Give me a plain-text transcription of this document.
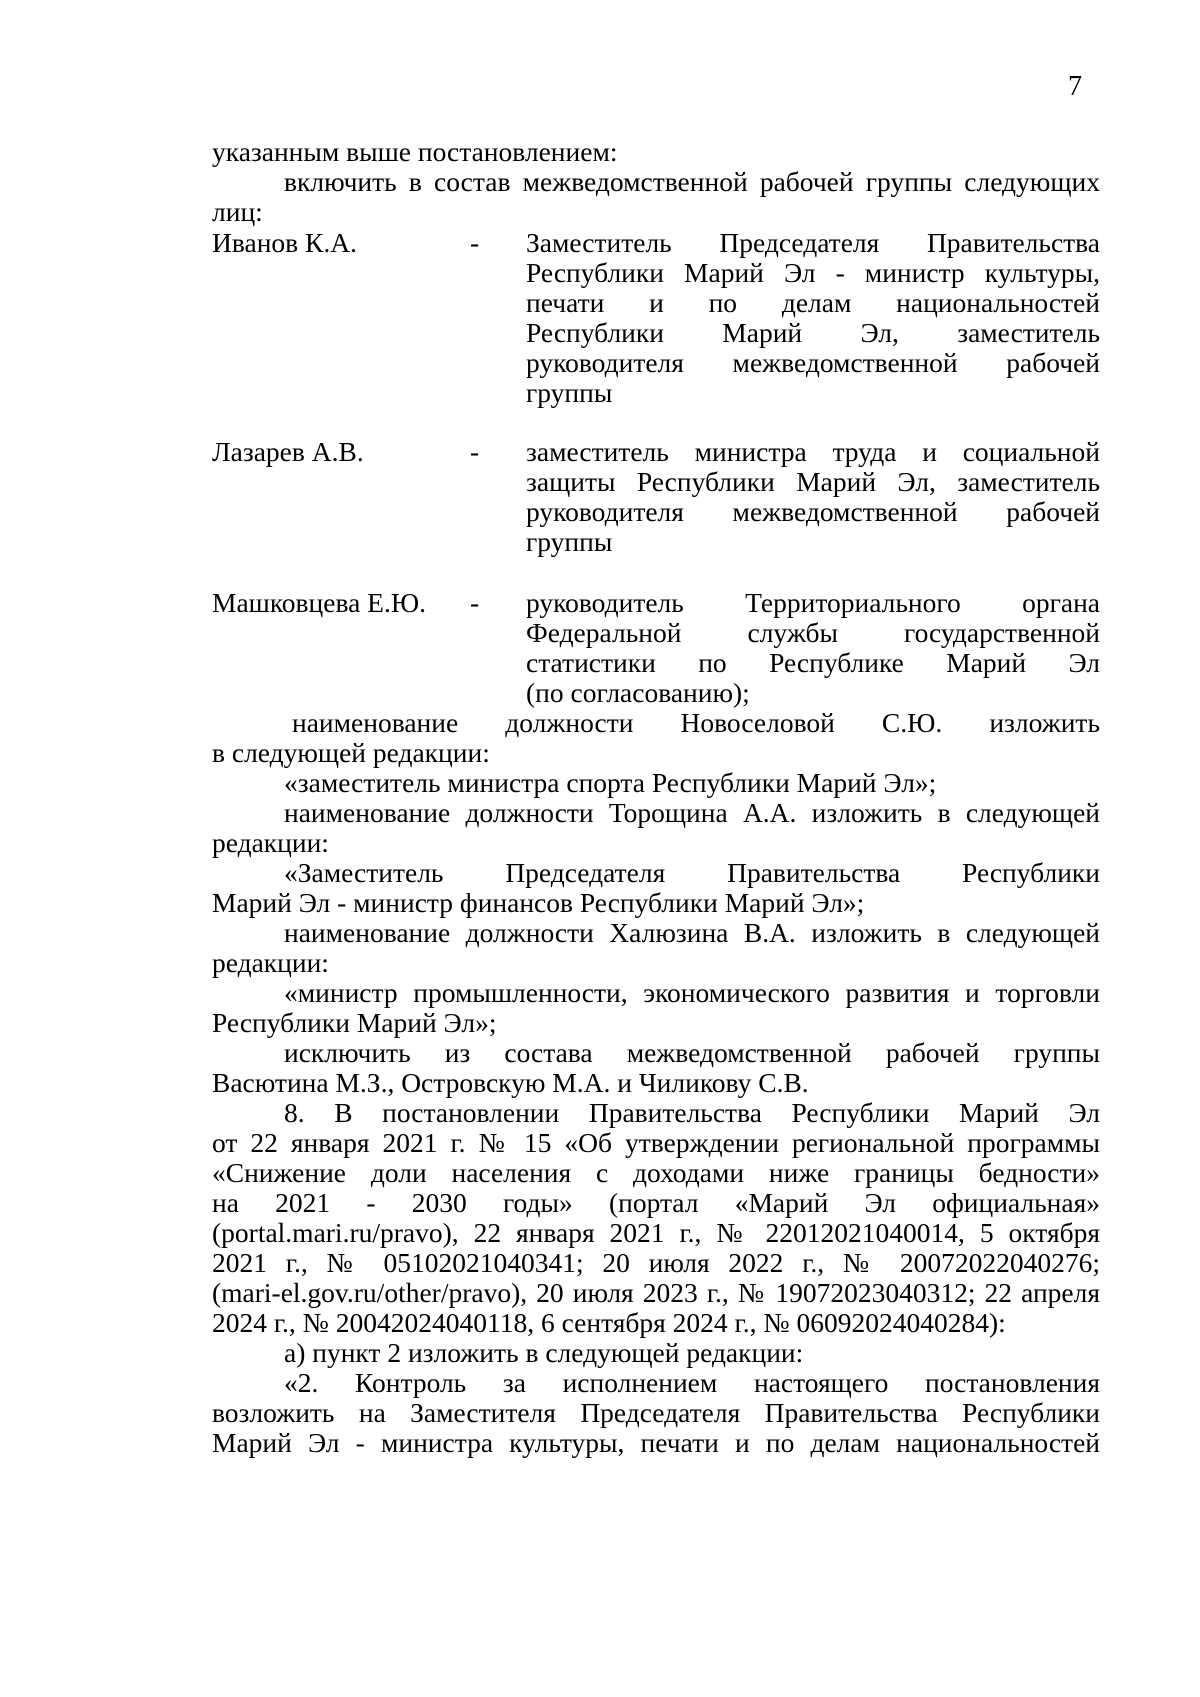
7
указанным выше постановлением:
включить в состав межведомственной рабочей группы следующих
лиц:
Иванов К.А.	- Заместитель Председателя Правительства
Республики Марий Эл - министр культуры,
печати и по делам национальностей
Республики Марий Эл, заместитель
руководителя межведомственной рабочей
группы
Лазарев А.В.	- заместитель министра труда и социальной
защиты Республики Марий Эл, заместитель
руководителя межведомственной рабочей
группы
Машковцева Е.Ю. - руководитель Территориального органа
Федеральной службы государственной
статистики по Республике Марий Эл
(по согласованию);
наименование должности Новоселовой С.Ю. изложить
в следующей редакции:
«заместитель министра спорта Республики Марий Эл»;
наименование должности Торощина А.А. изложить в следующей
редакции:
«Заместитель Председателя Правительства Республики
Марий Эл - министр финансов Республики Марий Эл»;
наименование должности Халюзина В.А. изложить в следующей
редакции:
«министр промышленности, экономического развития и торговли
Республики Марий Эл»;
исключить из состава межведомственной рабочей группы
Васютина М.З., Островскую М.А. и Чиликову С.В.
8. В постановлении Правительства Республики Марий Эл
от 22 января 2021 г. № 15 «Об утверждении региональной программы
«Снижение доли населения с доходами ниже границы бедности»
на 2021 - 2030 годы» (портал «Марий Эл официальная»
(portal.mari.ru/pravo), 22 января 2021 г., № 22012021040014, 5 октября
2021 г., № 05102021040341; 20 июля 2022 г., № 20072022040276;
(mari-el.gov.ru/other/pravo), 20 июля 2023 г., № 19072023040312; 22 апреля
2024 г., № 20042024040118, 6 сентября 2024 г., № 06092024040284):
а) пункт 2 изложить в следующей редакции:
«2. Контроль за исполнением настоящего постановления
возложить на Заместителя Председателя Правительства Республики
Марий Эл - министра культуры, печати и по делам национальностей
